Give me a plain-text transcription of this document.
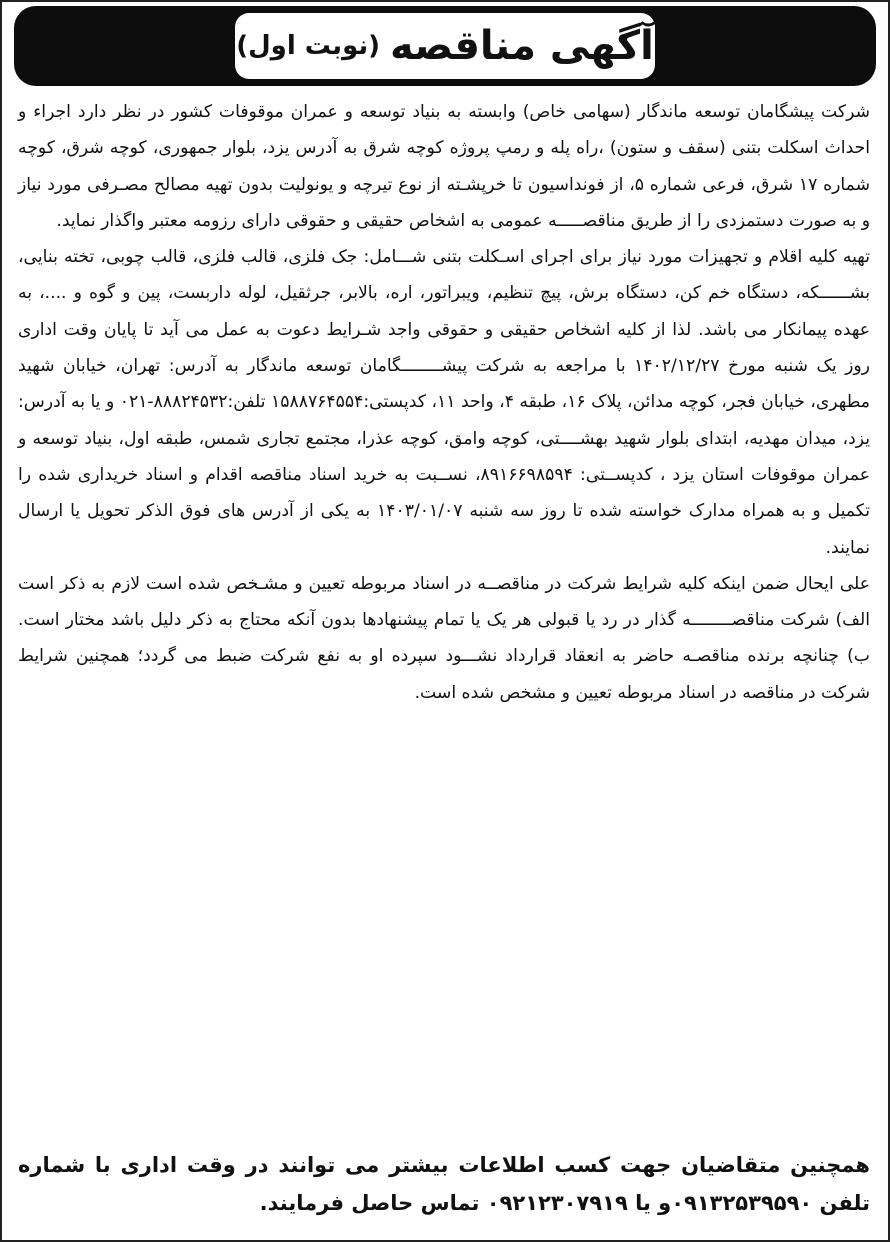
آگهی مناقصه
(نوبت اول)

شرکت پیشگامان توسعه ماندگار (سهامی خاص) وابسته به بنیاد توسعه و عمران موقوفات کشور در نظر دارد اجراء و احداث اسکلت بتنی (سقف و ستون) ،راه پله و رمپ پروژه کوچه شرق به آدرس یزد، بلوار جمهوری، کوچه شرق، کوچه شماره ۱۷ شرق، فرعی شماره ۵، از فونداسیون تا خرپشـته از نوع تیرچه و یونولیت بدون تهیه مصالح مصـرفی مورد نیاز و به صورت دستمزدی را از طریق مناقصـــــه عمومی به اشخاص حقیقی و حقوقی دارای رزومه معتبر واگذار نماید.

تهیه کلیه اقلام و تجهیزات مورد نیاز برای اجرای اسـکلت بتنی شـــامل: جک فلزی، قالب فلزی، قالب چوبی، تخته بنایی، بشــــــکه، دستگاه خم کن، دستگاه برش، پیچ تنظیم، ویبراتور، اره، بالابر، جرثقیل، لوله داربست، پین و گوه و ....، به عهده پیمانکار می باشد. لذا از کلیه اشخاص حقیقی و حقوقی واجد شـرایط دعوت به عمل می آید تا پایان وقت اداری روز یک شنبه مورخ ۱۴۰۲/۱۲/۲۷ با مراجعه به شرکت پیشــــــــگامان توسعه ماندگار به آدرس: تهران، خیابان شهید مطهری، خیابان فجر، کوچه مدائن، پلاک ۱۶، طبقه ۴، واحد ۱۱، کدپستی:۱۵۸۸۷۶۴۵۵۴ تلفن:۸۸۸۲۴۵۳۲-۰۲۱ و یا به آدرس: یزد، میدان مهدیه، ابتدای بلوار شهید بهشــــتی، کوچه وامق، کوچه عذرا، مجتمع تجاری شمس، طبقه اول، بنیاد توسعه و عمران موقوفات استان یزد ، کدپســتی: ۸۹۱۶۶۹۸۵۹۴، نســبت به خرید اسناد مناقصه اقدام و اسناد خریداری شده را تکمیل و به همراه مدارک خواسته شده تا روز سه شنبه ۱۴۰۳/۰۱/۰۷ به یکی از آدرس های فوق الذکر تحویل یا ارسال نمایند.

علی ایحال ضمن اینکه کلیه شرایط شرکت در مناقصــه در اسناد مربوطه تعیین و مشـخص شده است لازم به ذکر است الف) شرکت مناقصــــــــه گذار در رد یا قبولی هر یک یا تمام پیشنهادها بدون آنکه محتاج به ذکر دلیل باشد مختار است. ب) چنانچه برنده مناقصـه حاضر به انعقاد قرارداد نشـــود سپرده او به نفع شرکت ضبط می گردد؛ همچنین شرایط شرکت در مناقصه در اسناد مربوطه تعیین و مشخص شده است.

همچنین متقاضیان جهت کسب اطلاعات بیشتر می توانند در وقت اداری با شماره تلفن ۰۹۱۳۲۵۳۹۵۹۰و یا ۰۹۲۱۲۳۰۷۹۱۹ تماس حاصل فرمایند.
